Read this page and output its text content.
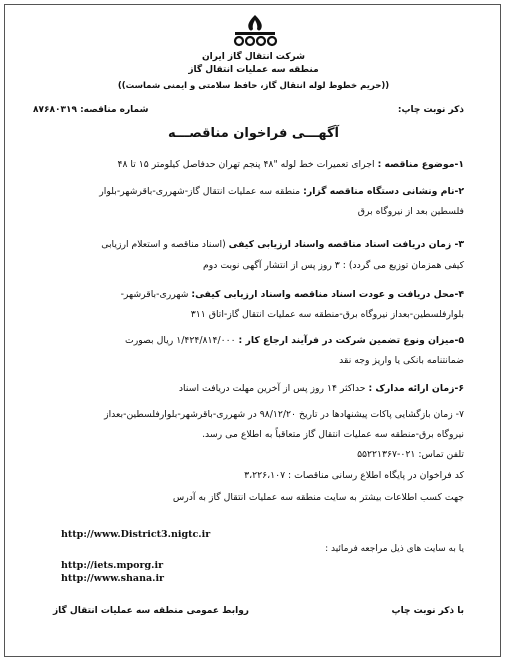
شرکت انتقال گاز ایران
منطقه سه عملیات انتقال گاز
((حریم خطوط لوله انتقال گاز، حافظ سلامتی و ایمنی شماست))
ذکر نوبت چاپ:
شماره مناقصه: ۸۷۶۸۰۳۱۹
آگهـــی فراخوان مناقصـــه
۱-موضوع مناقصه : اجرای تعمیرات خط لوله "۴۸ پنجم تهران حدفاصل کیلومتر ۱۵ تا ۴۸
۲-نام ونشانی دستگاه مناقصه گزار: منطقه سه عملیات انتقال گاز-شهرری-باقرشهر-بلوار
فلسطین بعد از نیروگاه برق
۳- زمان دریافت اسناد مناقصه واسناد ارزیابی کیفی (اسناد مناقصه و استعلام ارزیابی
کیفی همزمان توزیع می گردد) : ۳ روز پس از انتشار آگهی نوبت دوم
۴-محل دریافت و عودت اسناد مناقصه واسناد ارزیابی کیفی: شهرری-باقرشهر-
بلوارفلسطین-بعداز نیروگاه برق-منطقه سه عملیات انتقال گاز-اتاق ۳۱۱
۵-میزان ونوع تضمین شرکت در فرآیند ارجاع کار : ۱/۴۲۴/۸۱۴/۰۰۰ ریال بصورت
ضمانتنامه بانکی یا واریز وجه نقد
۶-زمان ارائه مدارک : حداکثر ۱۴ روز پس از آخرین مهلت دریافت اسناد
۷- زمان بازگشایی پاکات پیشنهادها در تاریخ ۹۸/۱۲/۲۰ در شهرری-باقرشهر-بلوارفلسطین-بعداز
نیروگاه برق-منطقه سه عملیات انتقال گاز متعاقباً به اطلاع می رسد.
تلفن تماس: ۰۲۱-۵۵۲۲۱۳۶۷
کد فراخوان در پایگاه اطلاع رسانی مناقصات : ۳،۲۲۶،۱۰۷
جهت کسب اطلاعات بیشتر به سایت منطقه سه عملیات انتقال گاز به آدرس
http://www.District3.nigtc.ir
یا به سایت های ذیل مراجعه فرمائید :
http://iets.mporg.ir
http://www.shana.ir
با ذکر نوبت چاپ
روابط عمومی منطقه سه عملیات انتقال گاز
